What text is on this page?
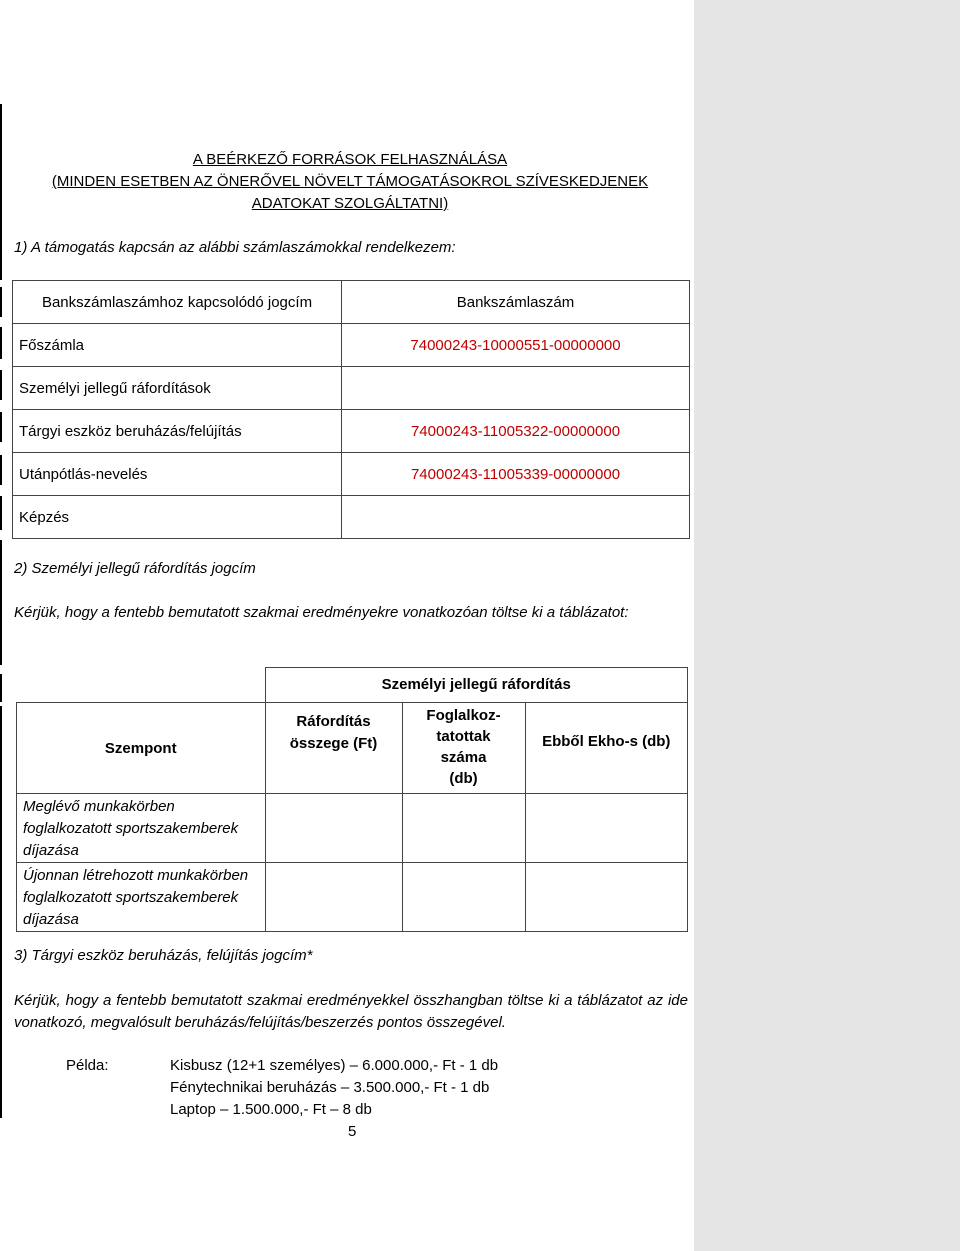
A BEÉRKEZŐ FORRÁSOK FELHASZNÁLÁSA
(MINDEN ESETBEN AZ ÖNERŐVEL NÖVELT TÁMOGATÁSOKROL SZÍVESKEDJENEK
ADATOKAT SZOLGÁLTATNI)
1) A támogatás kapcsán az alábbi számlaszámokkal rendelkezem:
Bankszámlaszámhoz kapcsolódó jogcím	Bankszámlaszám
Főszámla	74000243-10000551-00000000
Személyi jellegű ráfordítások	
Tárgyi eszköz beruházás/felújítás	74000243-11005322-00000000
Utánpótlás-nevelés	74000243-11005339-00000000
Képzés	
2) Személyi jellegű ráfordítás jogcím
Kérjük, hogy a fentebb bemutatott szakmai eredményekre vonatkozóan töltse ki a táblázatot:
	Személyi jellegű ráfordítás		
Szempont	Ráfordítás összege (Ft)	Foglalkoz-
tatottak
száma
(db)	Ebből Ekho-s (db)
Meglévő munkakörben foglalkozatott sportszakemberek díjazása			
Újonnan létrehozott munkakörben foglalkozatott sportszakemberek díjazása			
3) Tárgyi eszköz beruházás, felújítás jogcím*
Kérjük, hogy a fentebb bemutatott szakmai eredményekkel összhangban töltse ki a táblázatot az ide vonatkozó, megvalósult beruházás/felújítás/beszerzés pontos összegével.
Példa:	Kisbusz (12+1 személyes) – 6.000.000,- Ft - 1 db
Fénytechnikai beruházás – 3.500.000,- Ft - 1 db
Laptop – 1.500.000,- Ft – 8 db
5
